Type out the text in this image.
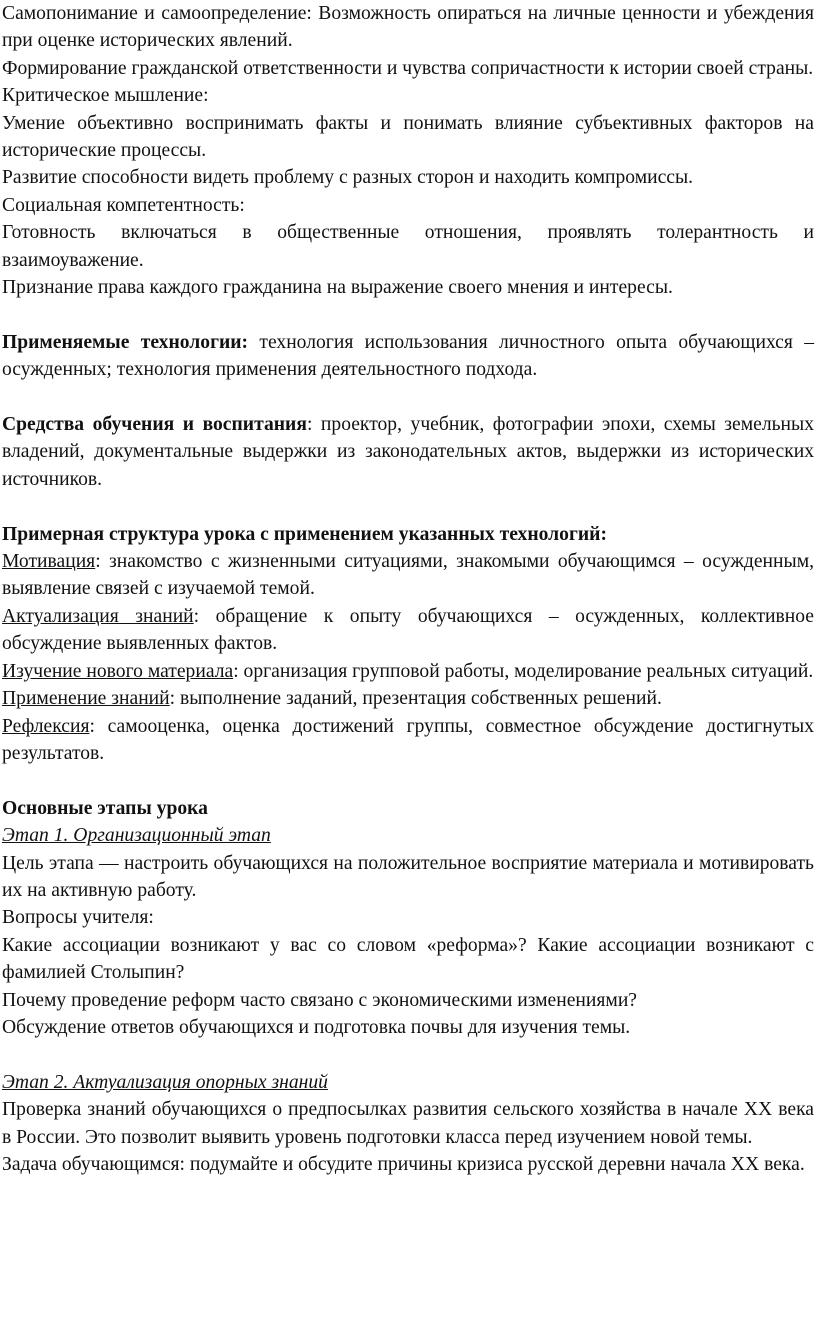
Самопонимание и самоопределение: Возможность опираться на личные ценности и убеждения при оценке исторических явлений.

Формирование гражданской ответственности и чувства сопричастности к истории своей страны.

Критическое мышление:

Умение объективно воспринимать факты и понимать влияние субъективных факторов на исторические процессы.

Развитие способности видеть проблему с разных сторон и находить компромиссы.

Социальная компетентность:

Готовность включаться в общественные отношения, проявлять толерантность и взаимоуважение.

Признание права каждого гражданина на выражение своего мнения и интересы.

Применяемые технологии: технология использования личностного опыта обучающихся – осужденных; технология применения деятельностного подхода.

Средства обучения и воспитания: проектор, учебник, фотографии эпохи, схемы земельных владений, документальные выдержки из законодательных актов, выдержки из исторических источников.

Примерная структура урока с применением указанных технологий:

Мотивация: знакомство с жизненными ситуациями, знакомыми обучающимся – осужденным, выявление связей с изучаемой темой.

Актуализация знаний: обращение к опыту обучающихся – осужденных, коллективное обсуждение выявленных фактов.

Изучение нового материала: организация групповой работы, моделирование реальных ситуаций.

Применение знаний: выполнение заданий, презентация собственных решений.

Рефлексия: самооценка, оценка достижений группы, совместное обсуждение достигнутых результатов.

Основные этапы урока

Этап 1. Организационный этап

Цель этапа — настроить обучающихся на положительное восприятие материала и мотивировать их на активную работу.

Вопросы учителя:

Какие ассоциации возникают у вас со словом «реформа»? Какие ассоциации возникают с фамилией Столыпин?

Почему проведение реформ часто связано с экономическими изменениями?

Обсуждение ответов обучающихся и подготовка почвы для изучения темы.

Этап 2. Актуализация опорных знаний

Проверка знаний обучающихся о предпосылках развития сельского хозяйства в начале XX века в России. Это позволит выявить уровень подготовки класса перед изучением новой темы.

Задача обучающимся: подумайте и обсудите причины кризиса русской деревни начала XX века.
